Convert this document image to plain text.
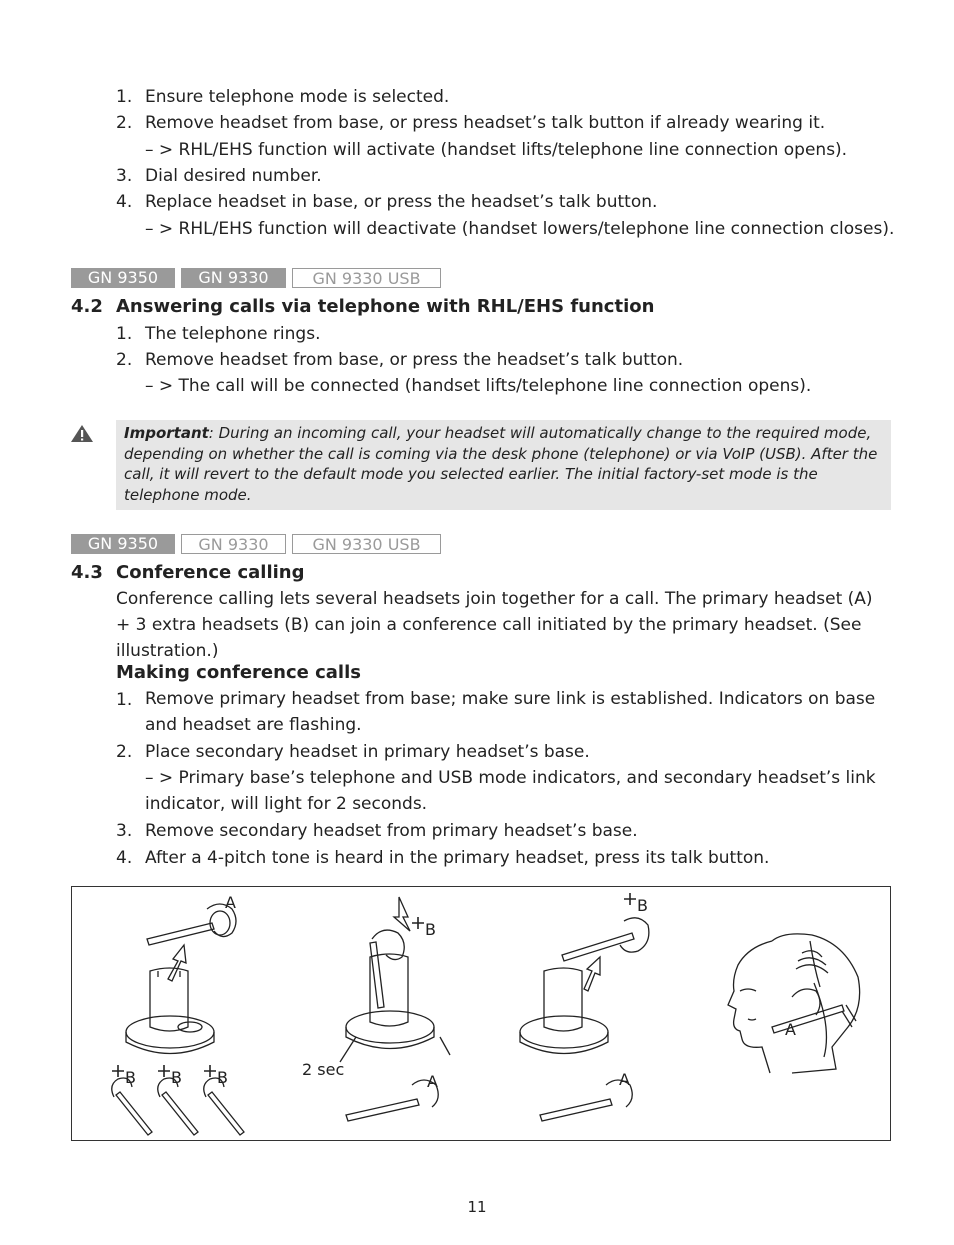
1. Ensure telephone mode is selected.
2. Remove headset from base, or press headset’s talk button if already wearing it.
– > RHL/EHS function will activate (handset lifts/telephone line connection opens).
3. Dial desired number.
4. Replace headset in base, or press the headset’s talk button.
– > RHL/EHS function will deactivate (handset lowers/telephone line connection closes).
GN 9350	GN 9330	GN 9330 USB
4.2 Answering calls via telephone with RHL/EHS function
1. The telephone rings.
2. Remove headset from base, or press the headset’s talk button.
– > The call will be connected (handset lifts/telephone line connection opens).
Important: During an incoming call, your headset will automatically change to the required mode, depending on whether the call is coming via the desk phone (telephone) or via VoIP (USB). After the call, it will revert to the default mode you selected earlier. The initial factory-set mode is the telephone mode.
GN 9350	GN 9330	GN 9330 USB
4.3 Conference calling
Conference calling lets several headsets join together for a call. The primary headset (A) + 3 extra headsets (B) can join a conference call initiated by the primary headset. (See illustration.)
Making conference calls
1. Remove primary headset from base; make sure link is established. Indicators on base and headset are flashing.
2. Place secondary headset in primary headset’s base.
– > Primary base’s telephone and USB mode indicators, and secondary headset’s link indicator, will light for 2 seconds.
3. Remove secondary headset from primary headset’s base.
4. After a 4-pitch tone is heard in the primary headset, press its talk button.
A
B
B
B B B	2 sec
A	A
A
11
